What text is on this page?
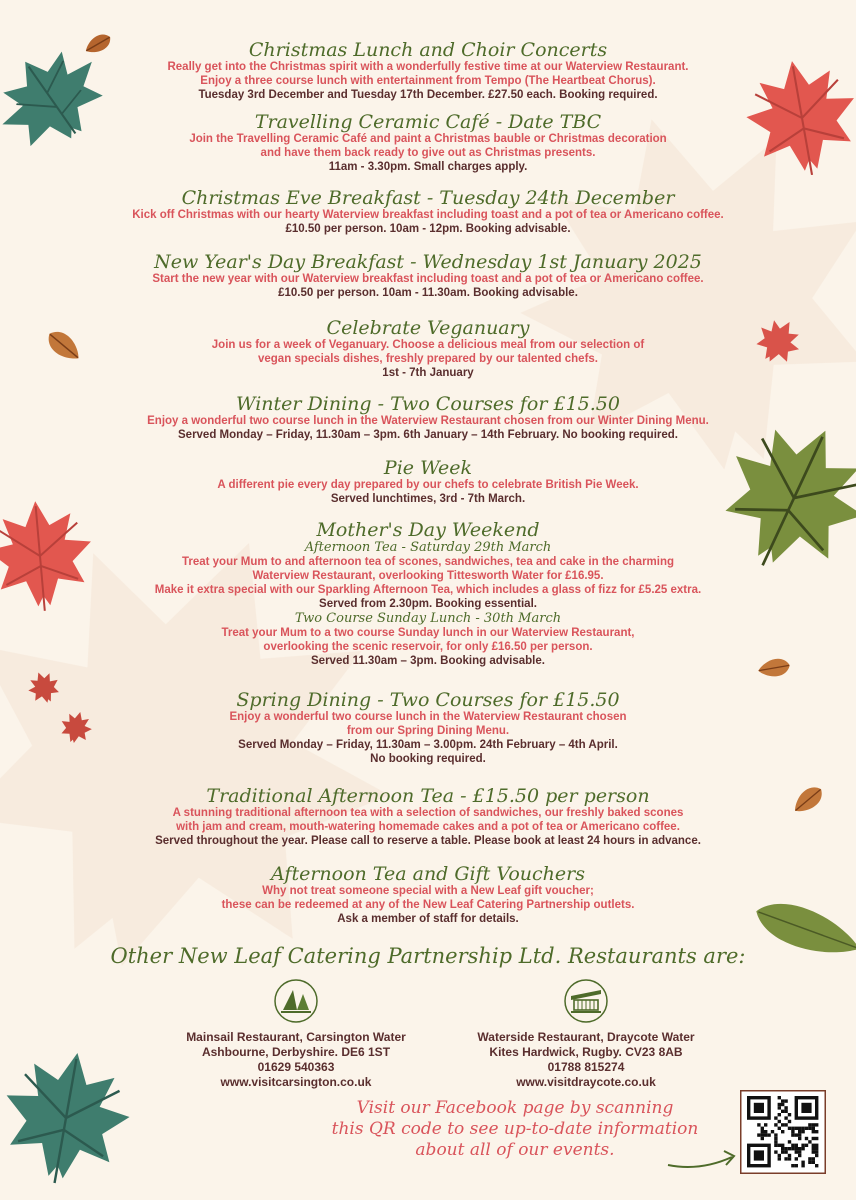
Christmas Lunch and Choir Concerts
Really get into the Christmas spirit with a wonderfully festive time at our Waterview Restaurant.
Enjoy a three course lunch with entertainment from Tempo (The Heartbeat Chorus).
Tuesday 3rd December and Tuesday 17th December. £27.50 each. Booking required.
Travelling Ceramic Café - Date TBC
Join the Travelling Ceramic Café and paint a Christmas bauble or Christmas decoration
and have them back ready to give out as Christmas presents.
11am - 3.30pm. Small charges apply.
Christmas Eve Breakfast - Tuesday 24th December
Kick off Christmas with our hearty Waterview breakfast including toast and a pot of tea or Americano coffee.
£10.50 per person. 10am - 12pm. Booking advisable.
New Year's Day Breakfast - Wednesday 1st January 2025
Start the new year with our Waterview breakfast including toast and a pot of tea or Americano coffee.
£10.50 per person. 10am - 11.30am. Booking advisable.
Celebrate Veganuary
Join us for a week of Veganuary. Choose a delicious meal from our selection of
vegan specials dishes, freshly prepared by our talented chefs.
1st - 7th January
Winter Dining - Two Courses for £15.50
Enjoy a wonderful two course lunch in the Waterview Restaurant chosen from our Winter Dining Menu.
Served Monday – Friday, 11.30am – 3pm. 6th January – 14th February. No booking required.
Pie Week
A different pie every day prepared by our chefs to celebrate British Pie Week.
Served lunchtimes, 3rd - 7th March.
Mother's Day Weekend
Afternoon Tea - Saturday 29th March
Treat your Mum to and afternoon tea of scones, sandwiches, tea and cake in the charming
Waterview Restaurant, overlooking Tittesworth Water for £16.95.
Make it extra special with our Sparkling Afternoon Tea, which includes a glass of fizz for £5.25 extra.
Served from 2.30pm. Booking essential.
Two Course Sunday Lunch - 30th March
Treat your Mum to a two course Sunday lunch in our Waterview Restaurant,
overlooking the scenic reservoir, for only £16.50 per person.
Served 11.30am – 3pm. Booking advisable.
Spring Dining - Two Courses for £15.50
Enjoy a wonderful two course lunch in the Waterview Restaurant chosen
from our Spring Dining Menu.
Served Monday – Friday, 11.30am – 3.00pm. 24th February – 4th April.
No booking required.
Traditional Afternoon Tea - £15.50 per person
A stunning traditional afternoon tea with a selection of sandwiches, our freshly baked scones
with jam and cream, mouth-watering homemade cakes and a pot of tea or Americano coffee.
Served throughout the year. Please call to reserve a table. Please book at least 24 hours in advance.
Afternoon Tea and Gift Vouchers
Why not treat someone special with a New Leaf gift voucher;
these can be redeemed at any of the New Leaf Catering Partnership outlets.
Ask a member of staff for details.
Other New Leaf Catering Partnership Ltd. Restaurants are:
Mainsail Restaurant, Carsington Water
Ashbourne, Derbyshire. DE6 1ST
01629 540363
www.visitcarsington.co.uk
Waterside Restaurant, Draycote Water
Kites Hardwick, Rugby. CV23 8AB
01788 815274
www.visitdraycote.co.uk
Visit our Facebook page by scanning
this QR code to see up-to-date information
about all of our events.
